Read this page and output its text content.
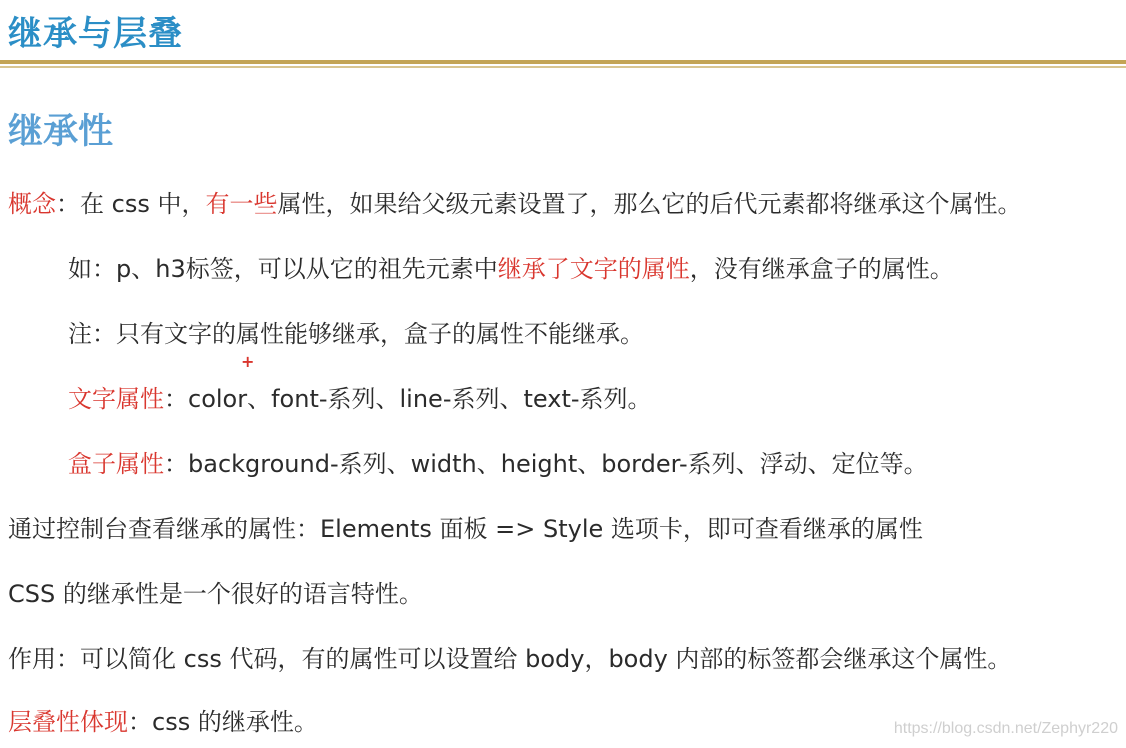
继承与层叠
继承性

概念：在 css 中，有一些属性，如果给父级元素设置了，那么它的后代元素都将继承这个属性。

如：p、h3标签，可以从它的祖先元素中继承了文字的属性，没有继承盒子的属性。

注：只有文字的属性能够继承，盒子的属性不能继承。

+

文字属性：color、font-系列、line-系列、text-系列。

盒子属性：background-系列、width、height、border-系列、浮动、定位等。

通过控制台查看继承的属性：Elements 面板 => Style 选项卡，即可查看继承的属性

CSS 的继承性是一个很好的语言特性。

作用：可以简化 css 代码，有的属性可以设置给 body，body 内部的标签都会继承这个属性。

层叠性体现：css 的继承性。	https://blog.csdn.net/Zephyr220
